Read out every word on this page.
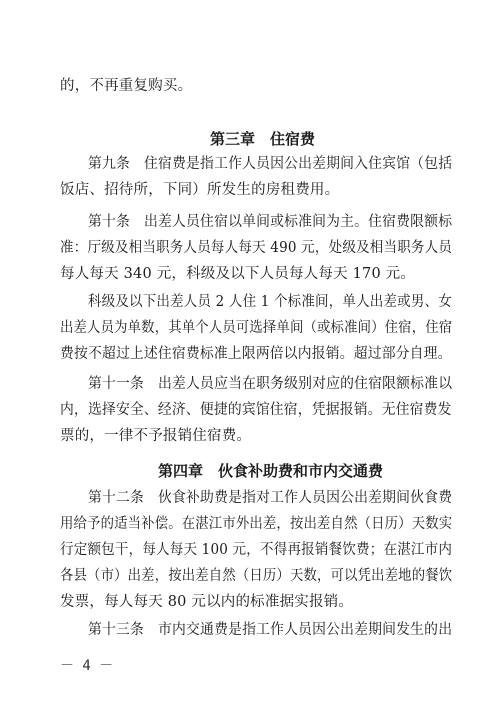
的，不再重复购买。
第三章　住宿费
第九条　住宿费是指工作人员因公出差期间入住宾馆（包括
饭店、招待所，下同）所发生的房租费用。
第十条　出差人员住宿以单间或标准间为主。住宿费限额标
准：厅级及相当职务人员每人每天 490 元，处级及相当职务人员
每人每天 340 元，科级及以下人员每人每天 170 元。
科级及以下出差人员 2 人住 1 个标准间，单人出差或男、女
出差人员为单数，其单个人员可选择单间（或标准间）住宿，住宿
费按不超过上述住宿费标准上限两倍以内报销。超过部分自理。
第十一条　出差人员应当在职务级别对应的住宿限额标准以
内，选择安全、经济、便捷的宾馆住宿，凭据报销。无住宿费发
票的，一律不予报销住宿费。
第四章　伙食补助费和市内交通费
第十二条　伙食补助费是指对工作人员因公出差期间伙食费
用给予的适当补偿。在湛江市外出差，按出差自然（日历）天数实
行定额包干，每人每天 100 元，不得再报销餐饮费；在湛江市内
各县（市）出差，按出差自然（日历）天数，可以凭出差地的餐饮
发票，每人每天 80 元以内的标准据实报销。
第十三条　市内交通费是指工作人员因公出差期间发生的出
－ 4 －
